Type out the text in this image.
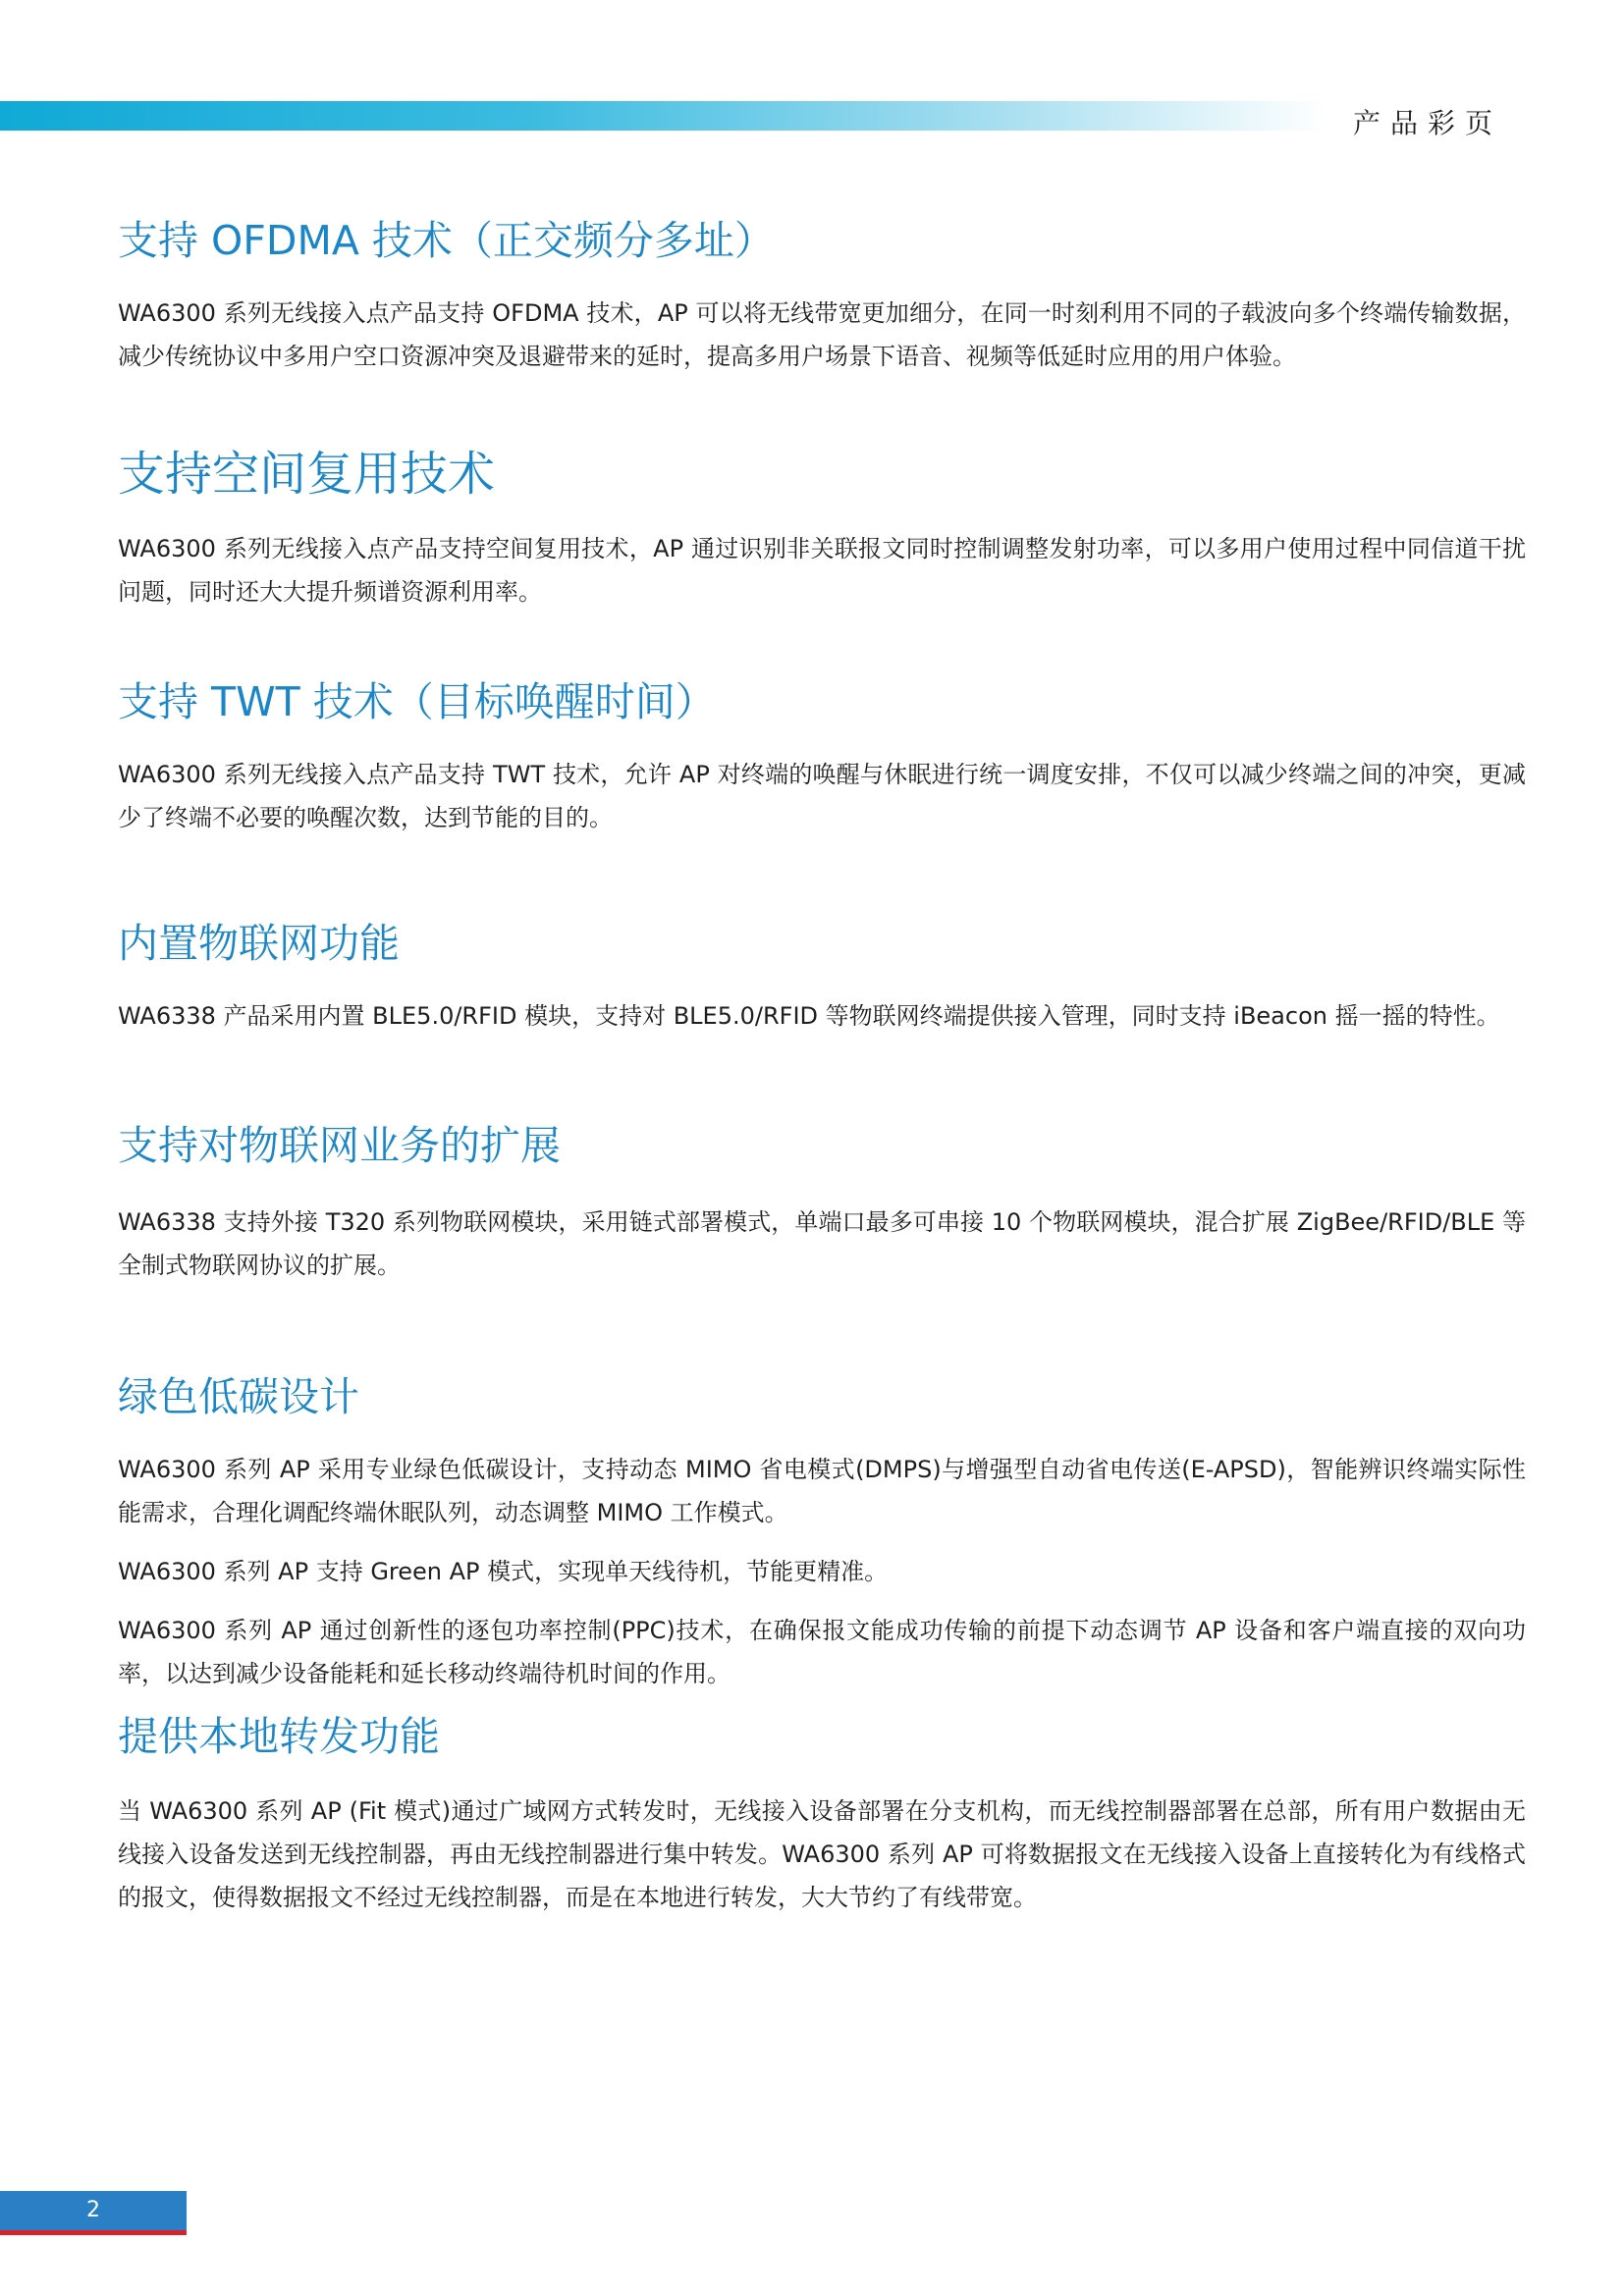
产品彩页
支持 OFDMA 技术（正交频分多址）

WA6300 系列无线接入点产品支持 OFDMA 技术，AP 可以将无线带宽更加细分，在同一时刻利用不同的子载波向多个终端传输数据，减少传统协议中多用户空口资源冲突及退避带来的延时，提高多用户场景下语音、视频等低延时应用的用户体验。

支持空间复用技术

WA6300 系列无线接入点产品支持空间复用技术，AP 通过识别非关联报文同时控制调整发射功率，可以多用户使用过程中同信道干扰问题，同时还大大提升频谱资源利用率。

支持 TWT 技术（目标唤醒时间）

WA6300 系列无线接入点产品支持 TWT 技术，允许 AP 对终端的唤醒与休眠进行统一调度安排，不仅可以减少终端之间的冲突，更减少了终端不必要的唤醒次数，达到节能的目的。

内置物联网功能

WA6338 产品采用内置 BLE5.0/RFID 模块，支持对 BLE5.0/RFID 等物联网终端提供接入管理，同时支持 iBeacon 摇一摇的特性。

支持对物联网业务的扩展

WA6338 支持外接 T320 系列物联网模块，采用链式部署模式，单端口最多可串接 10 个物联网模块，混合扩展 ZigBee/RFID/BLE 等全制式物联网协议的扩展。

绿色低碳设计

WA6300 系列 AP 采用专业绿色低碳设计，支持动态 MIMO 省电模式(DMPS)与增强型自动省电传送(E-APSD)，智能辨识终端实际性能需求，合理化调配终端休眠队列，动态调整 MIMO 工作模式。

WA6300 系列 AP 支持 Green AP 模式，实现单天线待机，节能更精准。

WA6300 系列 AP 通过创新性的逐包功率控制(PPC)技术，在确保报文能成功传输的前提下动态调节 AP 设备和客户端直接的双向功率，以达到减少设备能耗和延长移动终端待机时间的作用。

提供本地转发功能

当 WA6300 系列 AP (Fit 模式)通过广域网方式转发时，无线接入设备部署在分支机构，而无线控制器部署在总部，所有用户数据由无线接入设备发送到无线控制器，再由无线控制器进行集中转发。WA6300 系列 AP 可将数据报文在无线接入设备上直接转化为有线格式的报文，使得数据报文不经过无线控制器，而是在本地进行转发，大大节约了有线带宽。

2
